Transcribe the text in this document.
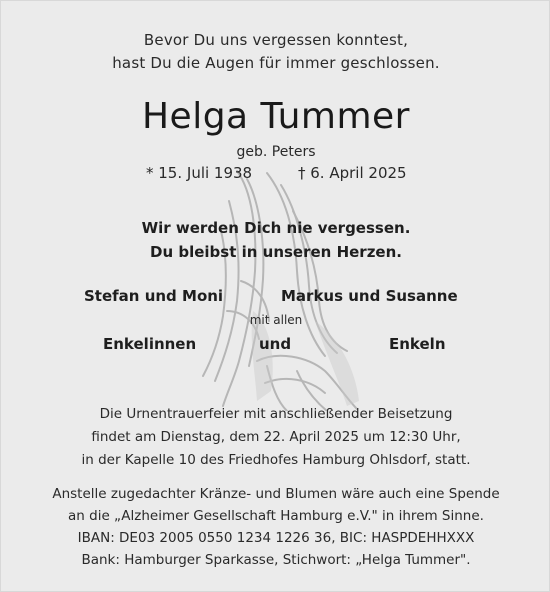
Bevor Du uns vergessen konntest,
hast Du die Augen für immer geschlossen.
Helga Tummer
geb. Peters
* 15. Juli 1938	† 6. April 2025
Wir werden Dich nie vergessen.
Du bleibst in unseren Herzen.
Stefan und Moni	Markus und Susanne
mit allen
Enkelinnen	und	Enkeln
Die Urnentrauerfeier mit anschließender Beisetzung
findet am Dienstag, dem 22. April 2025 um 12:30 Uhr,
in der Kapelle 10 des Friedhofes Hamburg Ohlsdorf, statt.
Anstelle zugedachter Kränze- und Blumen wäre auch eine Spende
an die „Alzheimer Gesellschaft Hamburg e.V." in ihrem Sinne.
IBAN: DE03 2005 0550 1234 1226 36, BIC: HASPDEHHXXX
Bank: Hamburger Sparkasse, Stichwort: „Helga Tummer".
